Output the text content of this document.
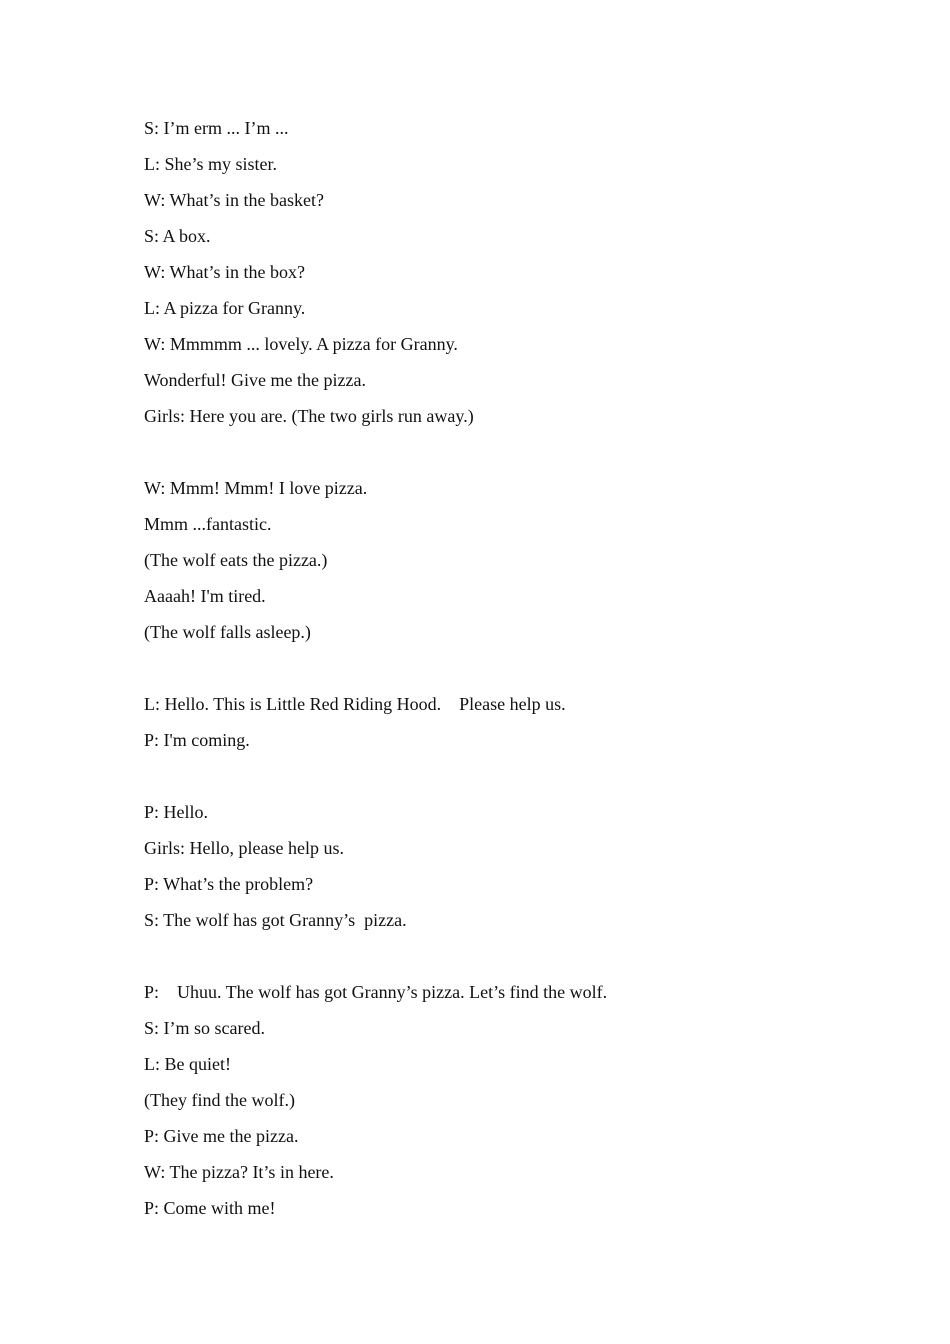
S: I’m erm ... I’m ...

L: She’s my sister.

W: What’s in the basket?

S: A box.

W: What’s in the box?

L: A pizza for Granny.

W: Mmmmm ... lovely. A pizza for Granny.

Wonderful! Give me the pizza.

Girls: Here you are. (The two girls run away.)

W: Mmm! Mmm! I love pizza.

Mmm ...fantastic.

(The wolf eats the pizza.)

Aaaah! I'm tired.

(The wolf falls asleep.)

L: Hello. This is Little Red Riding Hood.    Please help us.

P: I'm coming.

P: Hello.

Girls: Hello, please help us.

P: What’s the problem?

S: The wolf has got Granny’s  pizza.

P:    Uhuu. The wolf has got Granny’s pizza. Let’s find the wolf.

S: I’m so scared.

L: Be quiet!

(They find the wolf.)

P: Give me the pizza.

W: The pizza? It’s in here.

P: Come with me!
